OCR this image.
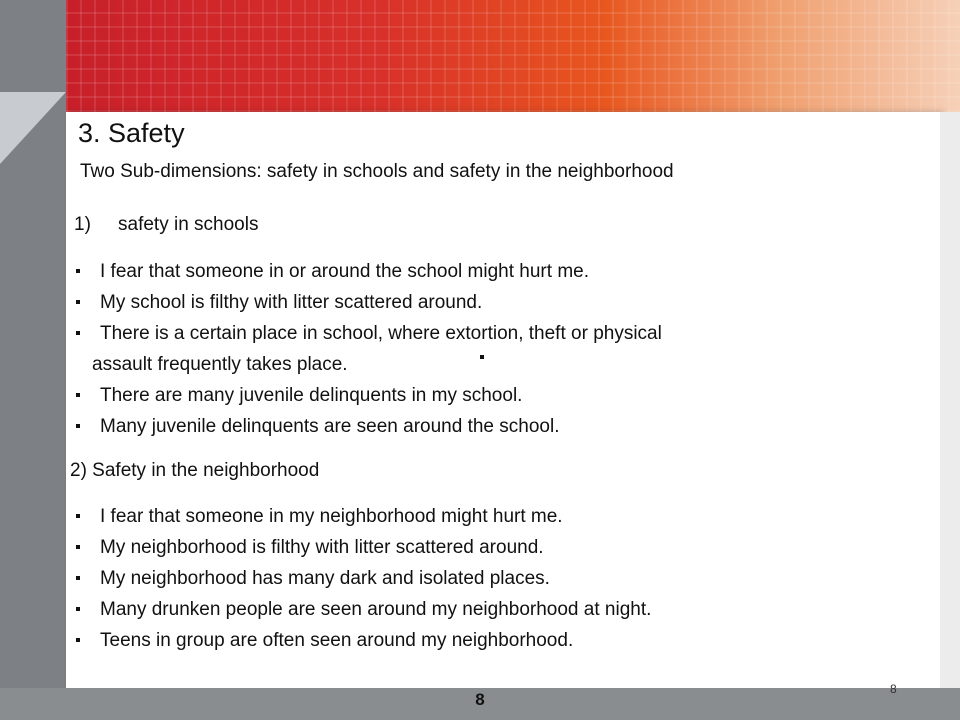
3. Safety
Two Sub-dimensions: safety in schools and safety in the neighborhood
1) safety in schools
I fear that someone in or around the school might hurt me.
My school is filthy with litter scattered around.
There is a certain place in school, where extortion, theft or physical
assault frequently takes place.
There are many juvenile delinquents in my school.
Many juvenile delinquents are seen around the school.
2) Safety in the neighborhood
I fear that someone in my neighborhood might hurt me.
My neighborhood is filthy with litter scattered around.
My neighborhood has many dark and isolated places.
Many drunken people are seen around my neighborhood at night.
Teens in group are often seen around my neighborhood.
8
8
